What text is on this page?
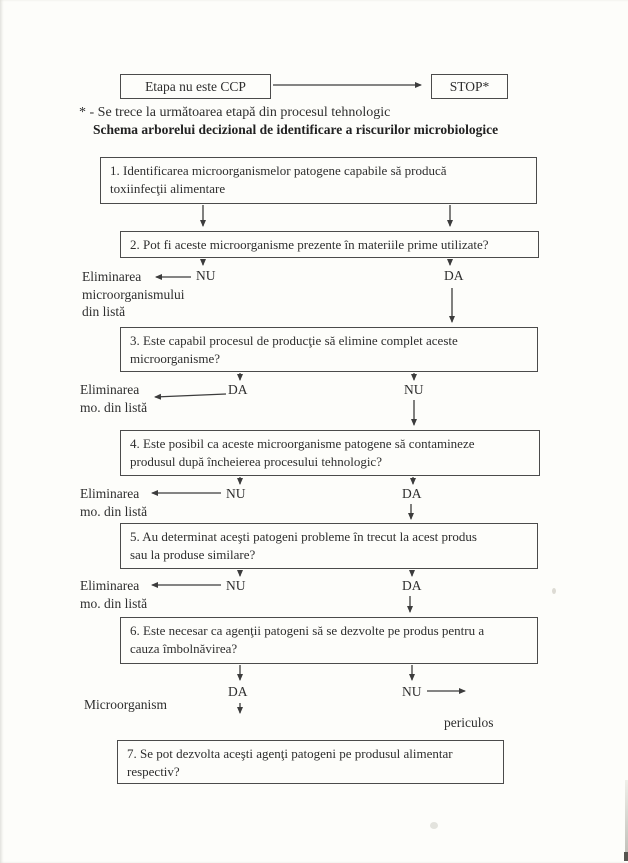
Etapa nu este CCP	STOP*
* - Se trece la următoarea etapă din procesul tehnologic
Schema arborelui decizional de identificare a riscurilor microbiologice
1. Identificarea microorganismelor patogene capabile să producă
toxiinfecţii alimentare
2. Pot fi aceste microorganisme prezente în materiile prime utilizate?
3. Este capabil procesul de producţie să elimine complet aceste
microorganisme?
4. Este posibil ca aceste microorganisme patogene să contamineze
produsul după încheierea procesului tehnologic?
5. Au determinat aceşti patogeni probleme în trecut la acest produs
sau la produse similare?
6. Este necesar ca agenţii patogeni să se dezvolte pe produs pentru a
cauza îmbolnăvirea?
7. Se pot dezvolta aceşti agenţi patogeni pe produsul alimentar
respectiv?
NU	DA
Eliminarea
microorganismului
din listă
DA	NU
Eliminarea
mo. din listă
NU	DA
Eliminarea
mo. din listă
NU	DA
Eliminarea
mo. din listă
DA	NU
Microorganism
periculos
